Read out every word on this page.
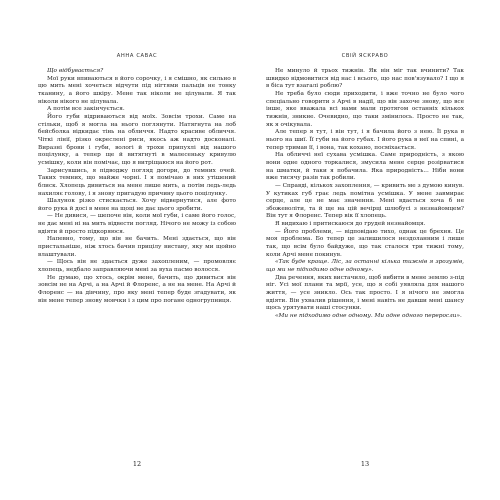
АННА САВАС

Що відбувається?

Мої руки впиваються в його сорочку, і я смішно, як сильно в цю мить мені хочеться відчути під нігтями пальців не тонку тканину, а його шкіру. Мене так ніколи не цілували. Я так ніколи нікого не цілувала.

А потім все закінчується.

Його губи відриваються від моїх. Зовсім трохи. Саме на стільки, щоб я могла на нього поглянути. Натягнута на лоб бейсболка відкидає тінь на обличчя. Надто красиве обличчя. Чіткі лінії, різко окреслені риси, якось аж надто досконалі. Виразні брови і губи, вологі й трохи припухлі від нашого поцілунку, а тепер ще й витягнуті в малесеньку кривулю усмішку, коли він помічає, що я витріщаюся на його рот.

Зарисувшись, я підводжу погляд догори, до темних очей. Таких темних, що майже чорні. І я помічаю в них утішений блиск. Хлопець дивиться на мене лише мить, а потім ледь-ледь нахиляє голову, і я знову пригадую причину цього поцілунку.

Шалунок різко стискається. Хочу відвернутися, але фото його рука й досі в мене на щоці не дає цього зробити.

— Не дивися, — шепоче він, коли мої губи, і саме його голос, не дає мені ні на мить відвести погляд. Нічого не можу із собою вдіяти й просто підкоряюся.

Напевно, тому, що він не бачить. Мені здається, що він пристальніше, ніж хтось бачив прицілу виставу, яку ми щойно влаштували.

— Щось він не здається дуже захопленим, — промовляє хлопець, недбало заправляючи мені за вуха пасмо волосся.

Не думаю, що хтось, окрім мене, бачить, що дивиться він зовсім не на Арчі, а на Арчі й Флоренс, а не на мене. На Арчі й Флоренс — на дівчину, про яку мені тепер буде згадувати, як він мене тепер знову мовчки і з цим про погане одногрупниця.

12
СВІЙ ЯСКРАВО

Не минуло й трьох тижнів. Як він міг так вчинити? Так швидко відмовитися від нас і всього, що нас пов'язувало? І що я в біса тут взагалі роблю?

Не треба було сюди приходити, і вже точно не було чого спеціально говорити з Арчі в надії, що він захоче знову, що все інше, яке вважала всі нами мали протягом останніх кількох тижнів, зникне. Очевидно, що таки змінилось. Просто не так, як я очікувала.

Але тепер я тут, і він тут, і я бачила його з нею. Її рука в нього на шиї. Її губи на його губах. І його рука в неї на спині, а тепер тримав її, і вона, так кохано, посміхається.

На обличчі неї сухава усмішка. Саме природність, з якою вони одне одного торкалися, змусила мене серце розірватися на шматки, й таки я побачила. Яка природність... Ніби вони вже тисячу разів так робили.

— Справді, кількох захоплення, — кривить ме з думою кинув. У кутиках губ грає ледь помітна усмішка. У мене завмирає серце, але це не має значення. Мені вдається хоча б не збожеволіти, та й ще на цій вечірці шлюбусі з незнайомцем? Він тут я Флоренс. Тепер вік її хлопець.

Я видихаю і притискаюся до грудей незнайомця.

— Його проблеми, — відповідаю тихо, однак це брехня. Це моя проблема. Бо тепер це залишилося нездоланним і лише так, що всім було байдуже, що так сталося три тижні тому, коли Арчі мене покинув.

«Так буде краще. Ліс, за останні кілька тижнів я зрозумів, що ми не підходимо одне одному».

Два речення, яких вистачило, щоб вибити в мене землю з-під ніг. Усі мої плани та мрії, усе, що я собі уявляла для нашого життя, — усе зникло. Ось так просто. І я нічого не змогла вдіяти. Він ухвалив рішення, і мені навіть не давши мені шансу щось урятувати наші стосунки.

«Ми не підходимо одне одному. Ми одне одного переросли».

13
